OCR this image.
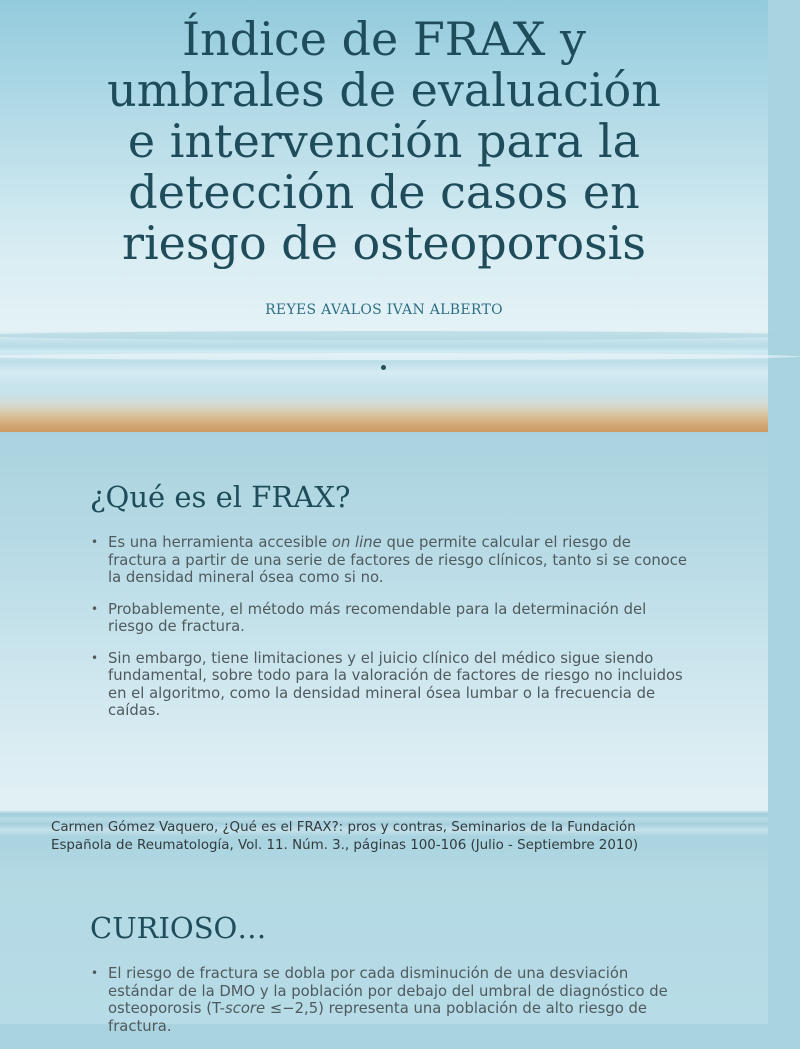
Índice de FRAX y
umbrales de evaluación
e intervención para la
detección de casos en
riesgo de osteoporosis
REYES AVALOS IVAN ALBERTO
¿Qué es el FRAX?
• Es una herramienta accesible on line que permite calcular el riesgo de fractura a partir de una serie de factores de riesgo clínicos, tanto si se conoce la densidad mineral ósea como si no.
• Probablemente, el método más recomendable para la determinación del riesgo de fractura.
• Sin embargo, tiene limitaciones y el juicio clínico del médico sigue siendo fundamental, sobre todo para la valoración de factores de riesgo no incluidos en el algoritmo, como la densidad mineral ósea lumbar o la frecuencia de caídas.

Carmen Gómez Vaquero, ¿Qué es el FRAX?: pros y contras, Seminarios de la Fundación Española de Reumatología, Vol. 11. Núm. 3., páginas 100-106 (Julio - Septiembre 2010)

CURIOSO…
• El riesgo de fractura se dobla por cada disminución de una desviación estándar de la DMO y la población por debajo del umbral de diagnóstico de osteoporosis (T-score ≤−2,5) representa una población de alto riesgo de fractura.
